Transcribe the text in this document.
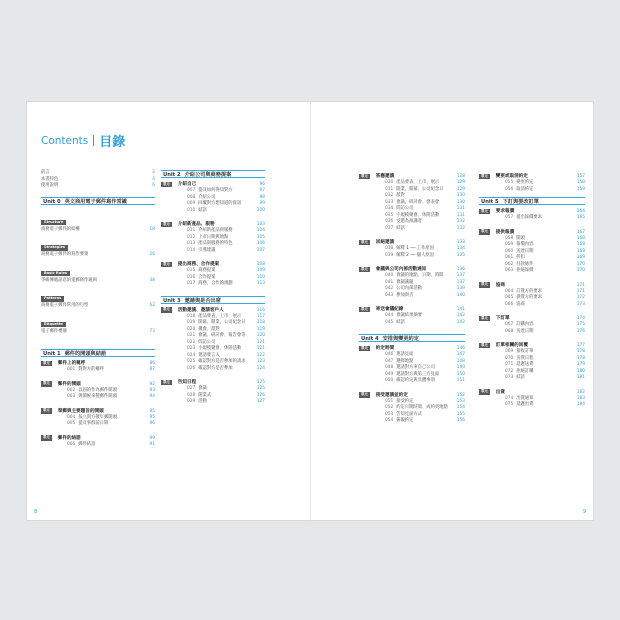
Contents 目錄
前言	2
本書特色	4
使用說明	6
Unit 0 英文商用電子郵件寫作常識
Structure
商務電子郵件的結構	18
Strategies
商務電子郵件的寫作要領	26
Basic Rules
爭確傳遞訊息的電郵寫作通則	38
Patterns
商務電子郵件常用的句型	62
Etiquette
電子郵件禮儀	73
Unit 1 郵件的開頭與結語
單元	郵件上的稱呼	86
001 對對方的稱呼	87
單元	郵件的開頭	92
002 以固的作為郵件開頭	93
003 與開候來製郵件開頭	94
單元	奉郵與主要題旨的開頭	95
004 按立與方敬年郵開頭	95
005 提及事群前日期	96
單元	郵件的結語	99
006 郵件結語	91
Unit 2 介紹公司與商務提案
單元	介紹自己	96
007 提及如何得知對方	97
008 介紹公司	98
009 回覆對方想知道的資訊	99
010 結語	100
單元	介紹新產品、服務	103
011 介紹新產品與服務	104
012 上市日期與地點	105
013 產品與服務的特色	106
014 引導建議	107
單元	提出商務、合作提案	108
015 商務提案	109
016 合作提案	110
017 商務、合作的規劃	113
Unit 3 邀請與是否出席
單元	活動邀請、邀請客戶人	116
018 產品發表、上市、展示	117
019 開幕、開業、公司紀念日	118
020 聚會、派對	119
021 會議、研討會、報告會等	120
022 問訪公司	121
023 小規模聚會、休閒活動	121
024 邀請發言人	122
025 確認對方是否參加的請求	123
026 確認對方是否參加	124
單元	告知日程	125
027 會議	125
028 開業式	126
029 活動	127
單元	答應邀請	128
030 產品發表、上市、展示	129
031 開業、開幕、公司紀念日	129
032 派對	130
033 會議、研討會、發表會	130
034 問訪公司	131
035 小規模聚會、休閒活動	131
036 受邀為演講者	132
037 結語	132
單元	回絕邀請	133
038 解釋 1 ── 工作原因	134
039 解釋 2 ── 個人原因	135
單元	會議與公司內部活動通知	136
040 會議的地點、日期、時間	137
041 會議議題	137
042 公司內部活動	139
043 參加與否	140
單元	寄送會議紀錄	141
044 會議結果摘要	142
045 結語	142
Unit 4 安排與變更約定
單元	約定時間	146
046 邀請見面	147
047 選擇地點	148
048 邀請對方來自己公司	149
049 邀請對方與第三方見面	150
050 確認約定與具體事項	151
單元	接受邀請並約定	152
051 接受約定	153
052 約定日期時間、成約更地點 154
053 告知見面方式	155
054 簽親約定	156
單元	變更或取消約定	157
055 變更約定	158
056 取消約定	159
Unit 5 下訂與要改訂單
單元	要求報價	164
057 提出報價要求	165
單元	提供報價	167
058 開頭	168
059 報價內容	168
060 送達日期	169
061 折扣	169
062 付款條件	170
063 拒絕報價	170
單元	協商	171
064 訂貨方的要求	171
065 供貨方的要求	172
066 協商	173
單元	下訂單	174
067 訂購內容	175
068 送達日期	176
單元	訂單相關的回覆	177
069 接收訂單	178
070 送貨日程	178
071 延遲送貨	179
072 拒絕訂購	180
073 結語	181
單元	出貨	182
074 出貨通知	183
075 延遲出貨	184
8	9
